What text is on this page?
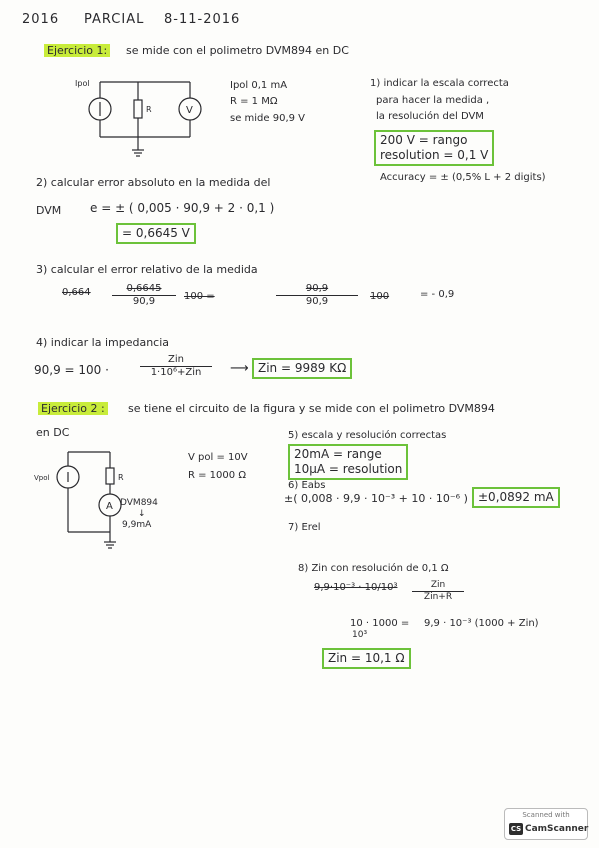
2016 PARCIAL 8-11-2016
Ejercicio 1: se mide con el polimetro DVM894 en DC
Ipol
R	V
Ipol 0,1 mA
R = 1 MΩ
se mide 90,9 V
1) indicar la escala correcta
para hacer la medida ,
la resolución del DVM
200 V = rango
resolution = 0,1 V
Accuracy = ± (0,5% L + 2 digits)
2) calcular error absoluto en la medida del
DVM e = ± ( 0,005 · 90,9 + 2 · 0,1 )
= 0,6645 V
3) calcular el error relativo de la medida
$0,664 \frac{0,6645}{90,9} 100$ =	$\frac{90,9}{90,9} 100$	= - 0,9
4) indicar la impedancia
90,9 = 100 ·
Zin
1·10⁶+Zin	⟶ Zin = 9989 KΩ
Ejercicio 2 : se tiene el circuito de la figura y se mide con el polimetro DVM894
en DC
Vpol	R
A DVM894
↓
9,9mA
V pol = 10V
R = 1000 Ω
5) escala y resolución correctas
20mA = range
10μA = resolution
6) Eabs
±( 0,008 · 9,9 · 10⁻³ + 10 · 10⁻⁶ ) ±0,0892 mA
7) Erel
8) Zin con resolución de 0,1 Ω
9,9·10⁻³ · 10/10³	Zin
Zin+R
10 · 1000 =
10³
9,9 · 10⁻³ (1000 + Zin)
Zin = 10,1 Ω
Scanned with
CS CamScanner
